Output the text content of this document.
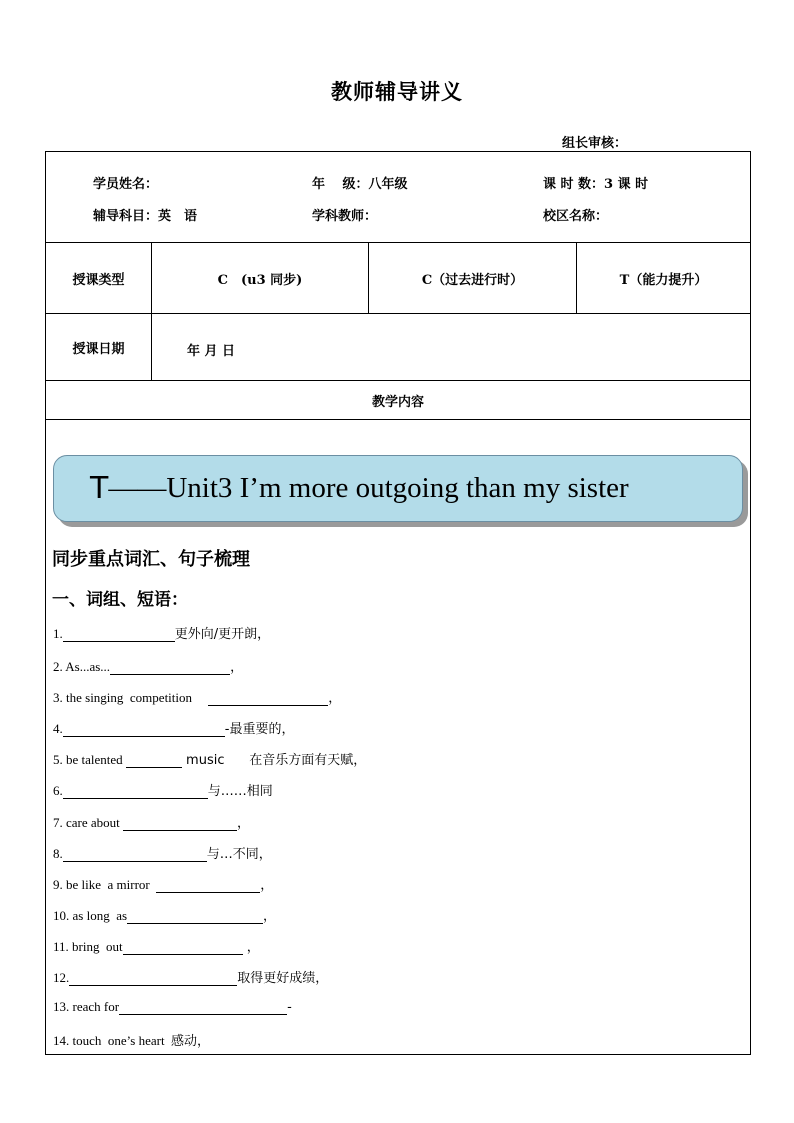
教师辅导讲义
组长审核：
学员姓名：	年　 级：八年级	课 时 数：3 课 时
辅导科目：英　语	学科教师：	校区名称：
授课类型	C　(u3 同步)	C（过去进行时）	T（能力提升）
授课日期	年 月 日
教学内容
T ——Unit3 I’m more outgoing than my sister
同步重点词汇、句子梳理
一、词组、短语：
1.	更外向/更开朗，
2. As...as...	，
3. the singing  competition	，
4.	-最重要的，
5. be talented	music      在音乐方面有天赋，
6.	与……相同
7. care about	，
8.	与…不同，
9. be like  a mirror	，
10. as long  as	，
11. bring  out	，
12.	取得更好成绩，
13. reach for	-
14. touch  one’s heart  感动，
